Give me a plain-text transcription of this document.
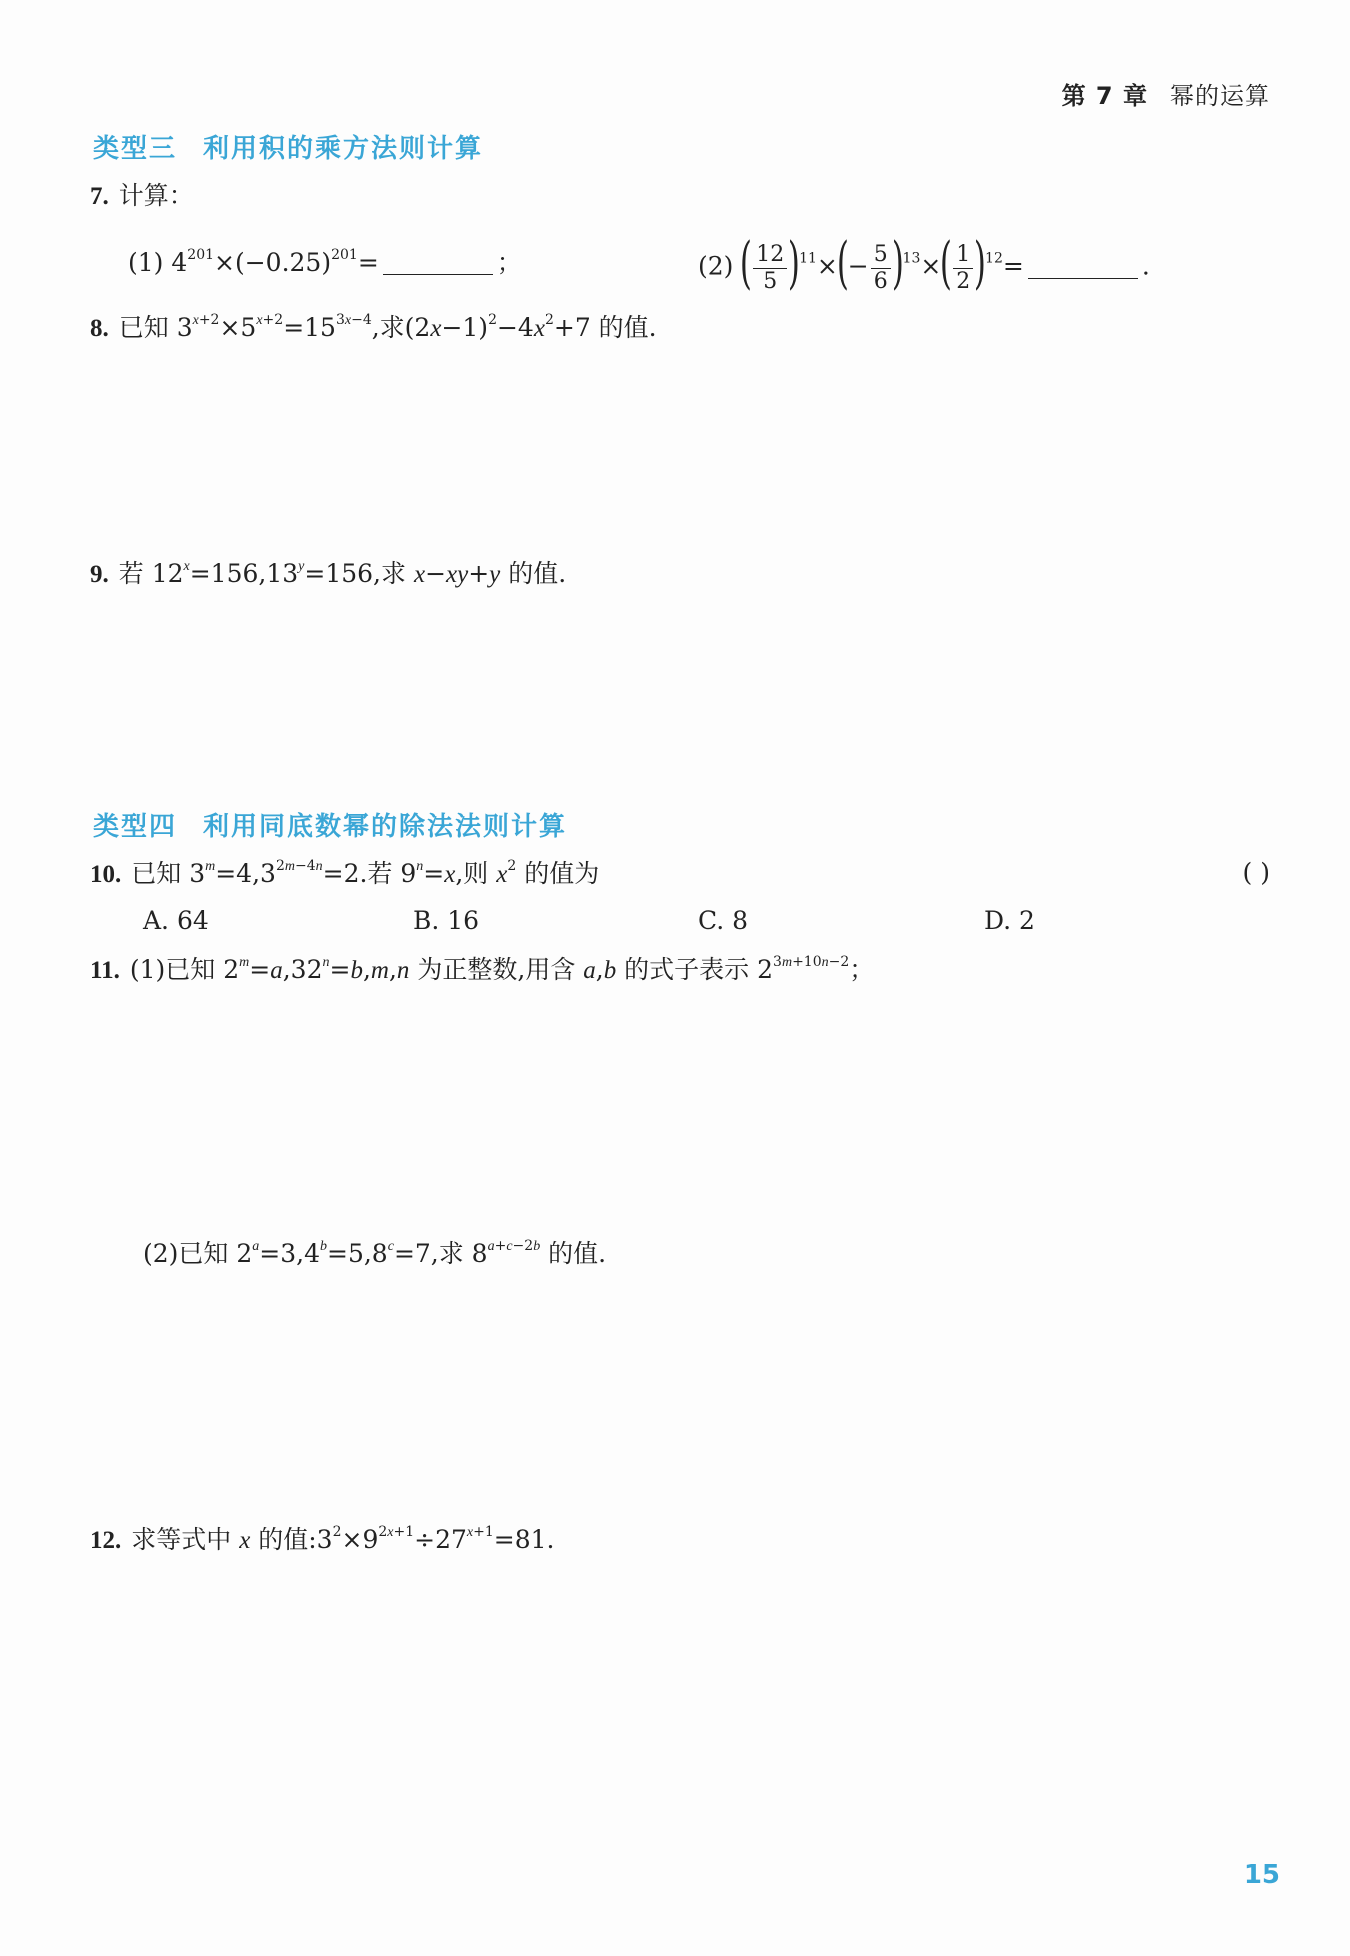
第 7 章 幂的运算
类型三 利用积的乘方法则计算
7. 计算：
(1) $4^{201}\times(-0.25)^{201}=$	；	(2) ( $\frac{12}{5} )^{11}\times(- \frac{5}{6} )^{13}\times( \frac{1}{2} )^{12}=$	.
8. 已知 $3^{x+2}\times 5^{x+2}=15^{3x-4}$,求$(2x-1)^2-4x^2+7$ 的值.
9. 若 $12^x=156,13^y=156$,求 x−xy+y 的值.
类型四 利用同底数幂的除法法则计算
10. 已知 $3^m=4,3^{2m-4n}=2$.若 $9^n=x$,则 $x^2$ 的值为	( )
A. 64	B. 16	C. 8	D. 2
11. (1)已知 $2^m=a,32^n=b,m,n$ 为正整数,用含 a,b 的式子表示 $2^{3m+10n-2}$；
(2)已知 $2^a=3,4^b=5,8^c=7$,求 $8^{a+c-2b}$ 的值.
12. 求等式中 x 的值$:3^2\times 9^{2x+1}\div 27^{x+1}=81$.
15
